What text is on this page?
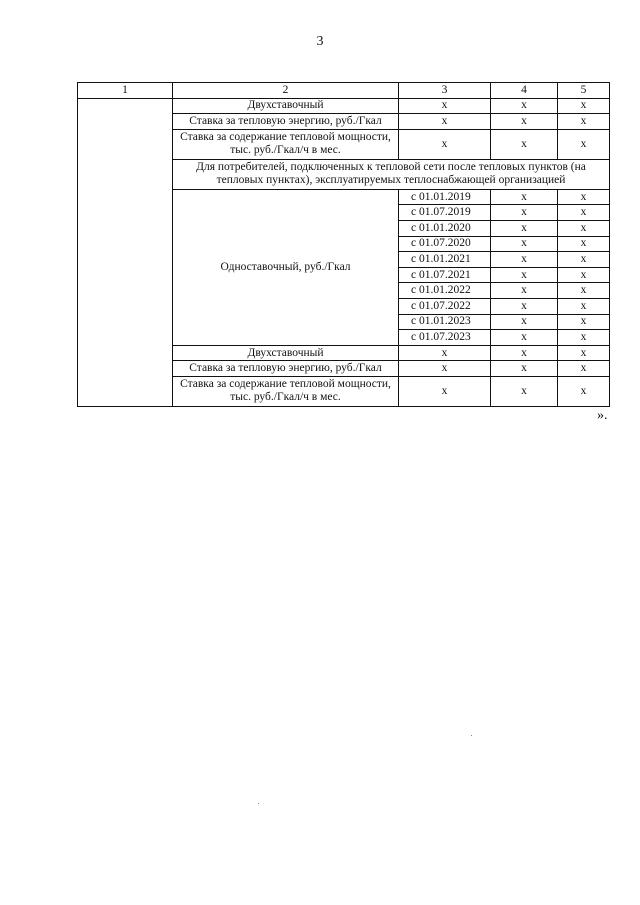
3
1	2	3	4	5
	Двухставочный	х	х	х
	Ставка за тепловую энергию, руб./Гкал	х	х	х
	Ставка за содержание тепловой мощности, тыс. руб./Гкал/ч в мес.	х	х	х
	Для потребителей, подключенных к тепловой сети после тепловых пунктов (на тепловых пунктах), эксплуатируемых теплоснабжающей организацией			
	Одноставочный, руб./Гкал	с 01.01.2019	х	х
		с 01.07.2019	х	х
		с 01.01.2020	х	х
		с 01.07.2020	х	х
		с 01.01.2021	х	х
		с 01.07.2021	х	х
		с 01.01.2022	х	х
		с 01.07.2022	х	х
		с 01.01.2023	х	х
		с 01.07.2023	х	х
	Двухставочный	х	х	х
	Ставка за тепловую энергию, руб./Гкал	х	х	х
	Ставка за содержание тепловой мощности, тыс. руб./Гкал/ч в мес.	х	х	х
».
